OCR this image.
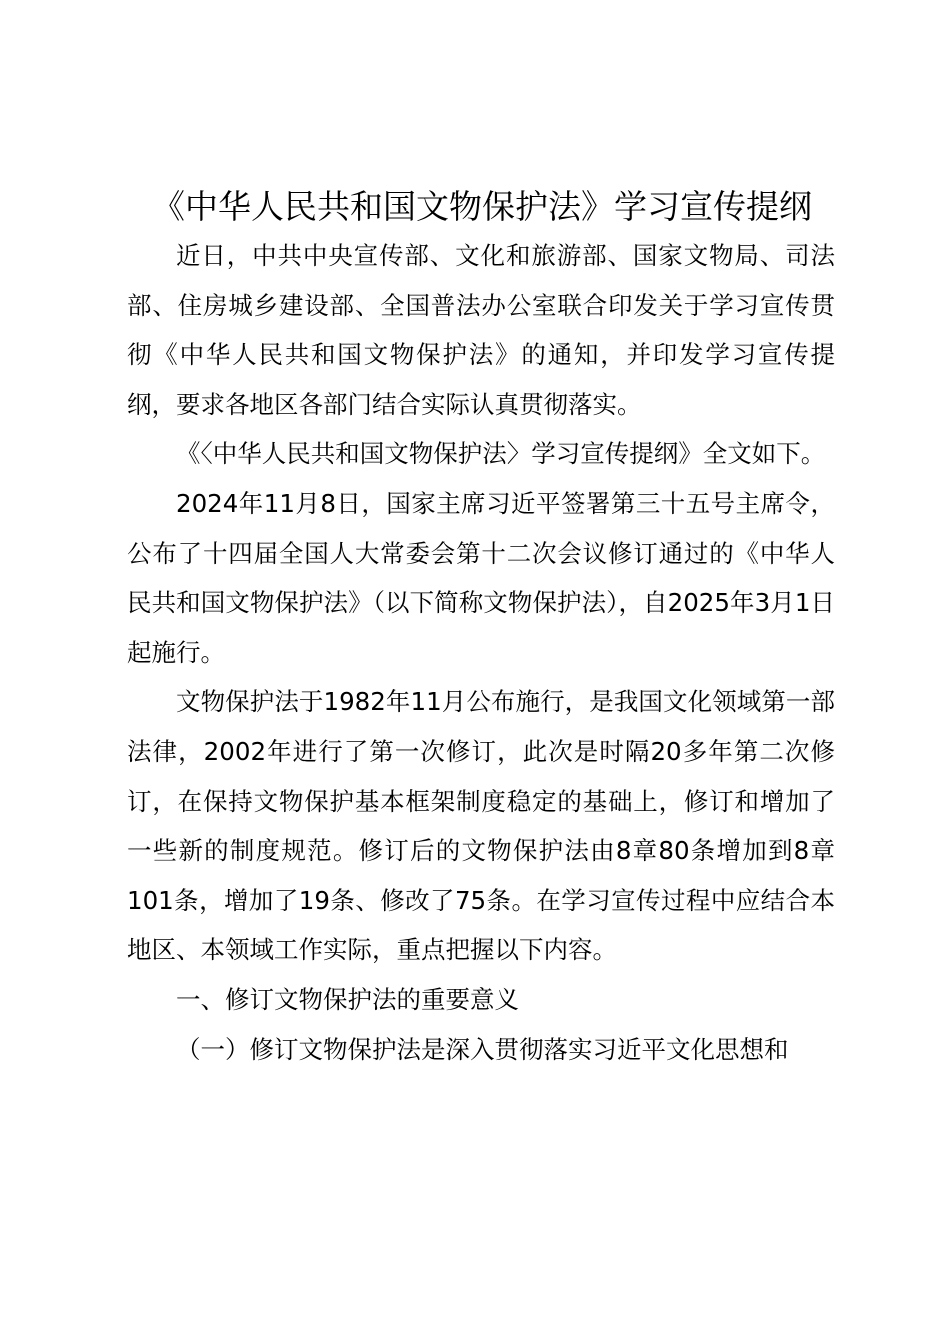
《中华人民共和国文物保护法》学习宣传提纲

近日，中共中央宣传部、文化和旅游部、国家文物局、司法部、住房城乡建设部、全国普法办公室联合印发关于学习宣传贯彻《中华人民共和国文物保护法》的通知，并印发学习宣传提纲，要求各地区各部门结合实际认真贯彻落实。

《〈中华人民共和国文物保护法〉学习宣传提纲》全文如下。

2024年11月8日，国家主席习近平签署第三十五号主席令，公布了十四届全国人大常委会第十二次会议修订通过的《中华人民共和国文物保护法》（以下简称文物保护法），自2025年3月1日起施行。

文物保护法于1982年11月公布施行，是我国文化领域第一部法律，2002年进行了第一次修订，此次是时隔20多年第二次修订，在保持文物保护基本框架制度稳定的基础上，修订和增加了一些新的制度规范。修订后的文物保护法由8章80条增加到8章101条，增加了19条、修改了75条。在学习宣传过程中应结合本地区、本领域工作实际，重点把握以下内容。

一、修订文物保护法的重要意义

（一）修订文物保护法是深入贯彻落实习近平文化思想和
